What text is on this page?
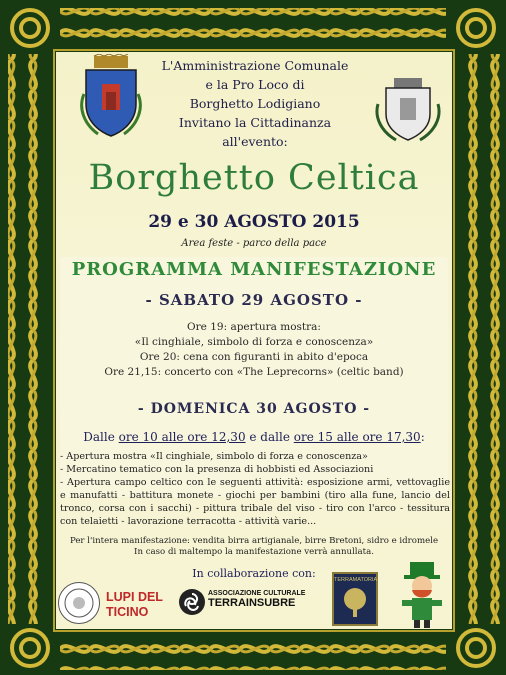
L'Amministrazione Comunale
e la Pro Loco di
Borghetto Lodigiano
Invitano la Cittadinanza
all'evento:
Borghetto Celtica
29 e 30 AGOSTO 2015
Area feste - parco della pace
PROGRAMMA MANIFESTAZIONE
- SABATO 29 AGOSTO -
Ore 19: apertura mostra:
«Il cinghiale, simbolo di forza e conoscenza»
Ore 20: cena con figuranti in abito d'epoca
Ore 21,15: concerto con «The Leprecorns» (celtic band)
- DOMENICA 30 AGOSTO -
Dalle ore 10 alle ore 12,30 e dalle ore 15 alle ore 17,30:
- Apertura mostra «Il cinghiale, simbolo di forza e conoscenza»
- Mercatino tematico con la presenza di hobbisti ed Associazioni
- Apertura campo celtico con le seguenti attività: esposizione armi, vettovaglie e manufatti - battitura monete - giochi per bambini (tiro alla fune, lancio del tronco, corsa con i sacchi) - pittura tribale del viso - tiro con l'arco - tessitura con telaietti - lavorazione terracotta - attività varie...
Per l'intera manifestazione: vendita birra artigianale, birre Bretoni, sidro e idromele
In caso di maltempo la manifestazione verrà annullata.
In collaborazione con:
LUPI DEL
TICINO
ASSOCIAZIONE CULTURALE
TERRAINSUBRE
TERRAMATORIA
